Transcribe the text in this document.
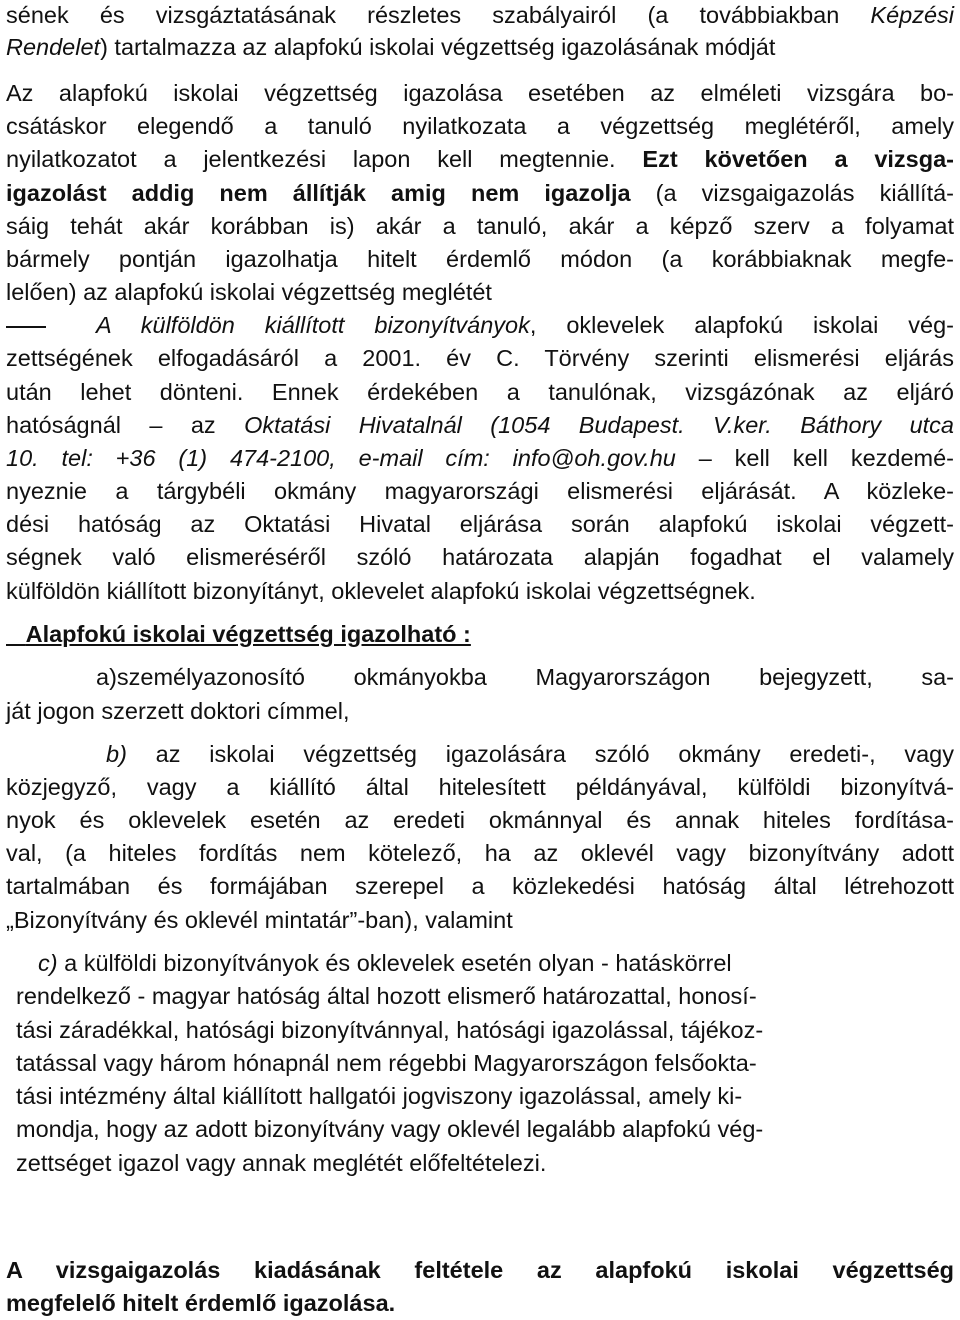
sének és vizsgáztatásának részletes szabályairól (a továbbiakban Képzési
Rendelet) tartalmazza az alapfokú iskolai végzettség igazolásának módját
Az alapfokú iskolai végzettség igazolása esetében az elméleti vizsgára bo-
csátáskor elegendő a tanuló nyilatkozata a végzettség meglétéről, amely
nyilatkozatot a jelentkezési lapon kell megtennie. Ezt követően a vizsga-
igazolást addig nem állítják amig nem igazolja (a vizsgaigazolás kiállítá-
sáig tehát akár korábban is) akár a tanuló, akár a képző szerv a folyamat
bármely pontján igazolhatja hitelt érdemlő módon (a korábbiaknak megfe-
lelően) az alapfokú iskolai végzettség meglétét
A külföldön kiállított bizonyítványok, oklevelek alapfokú iskolai vég-
zettségének elfogadásáról a 2001. év C. Törvény szerinti elismerési eljárás
után lehet dönteni. Ennek érdekében a tanulónak, vizsgázónak az eljáró
hatóságnál – az Oktatási Hivatalnál (1054 Budapest. V.ker. Báthory utca
10. tel: +36 (1) 474-2100, e-mail cím: info@oh.gov.hu – kell kell kezdemé-
nyeznie a tárgybéli okmány magyarországi elismerési eljárását. A közleke-
dési hatóság az Oktatási Hivatal eljárása során alapfokú iskolai végzett-
ségnek való elismeréséről szóló határozata alapján fogadhat el valamely
külföldön kiállított bizonyítányt, oklevelet alapfokú iskolai végzettségnek.
Alapfokú iskolai végzettség igazolható :
a)személyazonosító okmányokba Magyarországon bejegyzett, sa-
ját jogon szerzett doktori címmel,
b) az iskolai végzettség igazolására szóló okmány eredeti-, vagy
közjegyző, vagy a kiállító által hitelesített példányával, külföldi bizonyítvá-
nyok és oklevelek esetén az eredeti okmánnyal és annak hiteles fordítása-
val, (a hiteles fordítás nem kötelező, ha az oklevél vagy bizonyítvány adott
tartalmában és formájában szerepel a közlekedési hatóság által létrehozott
„Bizonyítvány és oklevél mintatár”-ban), valamint
c) a külföldi bizonyítványok és oklevelek esetén olyan - hatáskörrel
rendelkező - magyar hatóság által hozott elismerő határozattal, honosí-
tási záradékkal, hatósági bizonyítvánnyal, hatósági igazolással, tájékoz-
tatással vagy három hónapnál nem régebbi Magyarországon felsőokta-
tási intézmény által kiállított hallgatói jogviszony igazolással, amely ki-
mondja, hogy az adott bizonyítvány vagy oklevél legalább alapfokú vég-
zettséget igazol vagy annak meglétét előfeltételezi.
A vizsgaigazolás kiadásának feltétele az alapfokú iskolai végzettség
megfelelő hitelt érdemlő igazolása.
